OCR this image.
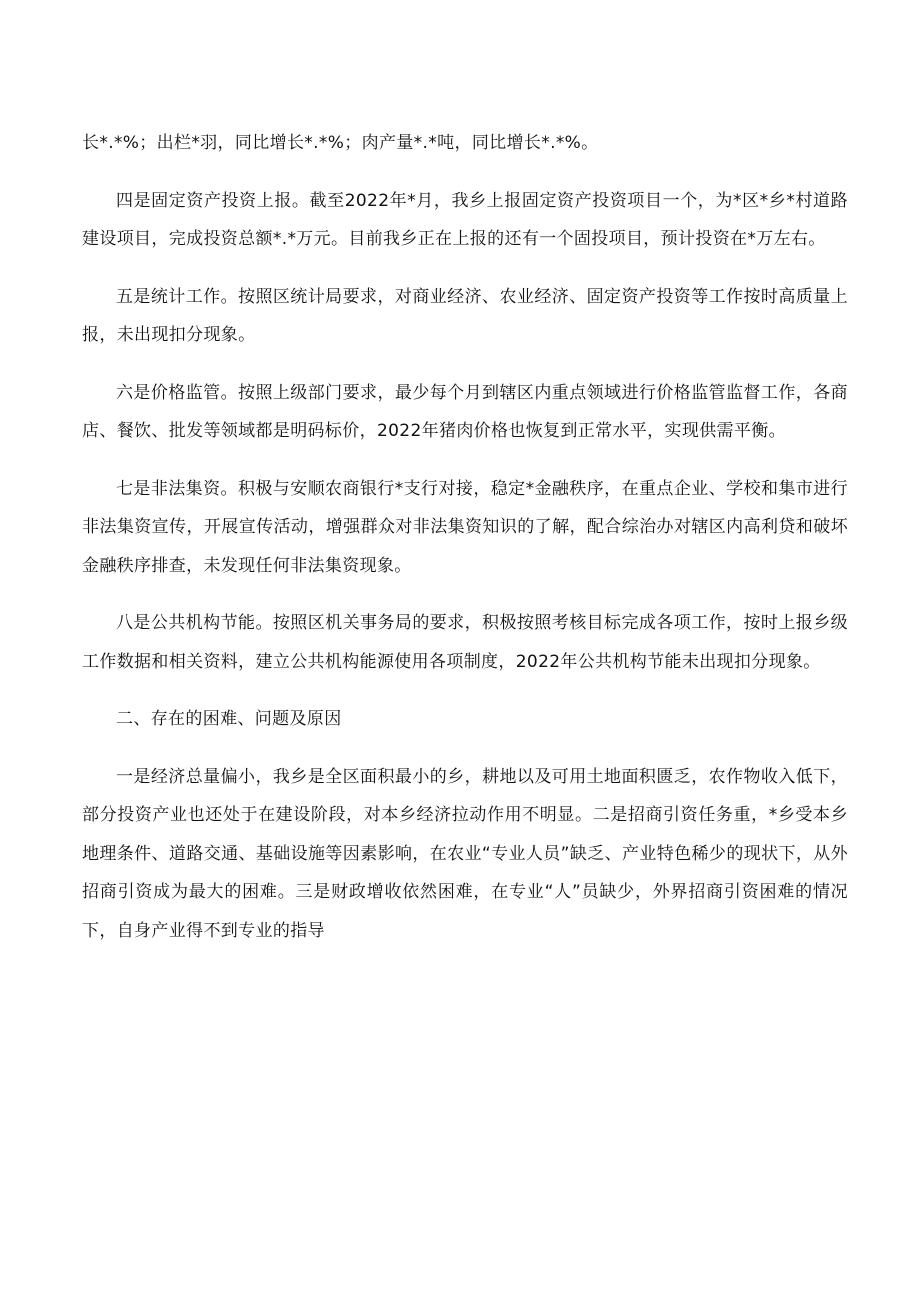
长*.*%；出栏*羽，同比增长*.*%；肉产量*.*吨，同比增长*.*%。

四是固定资产投资上报。截至2022年*月，我乡上报固定资产投资项目一个，为*区*乡*村道路建设项目，完成投资总额*.*万元。目前我乡正在上报的还有一个固投项目，预计投资在*万左右。

五是统计工作。按照区统计局要求，对商业经济、农业经济、固定资产投资等工作按时高质量上报，未出现扣分现象。

六是价格监管。按照上级部门要求，最少每个月到辖区内重点领域进行价格监管监督工作，各商店、餐饮、批发等领域都是明码标价，2022年猪肉价格也恢复到正常水平，实现供需平衡。

七是非法集资。积极与安顺农商银行*支行对接，稳定*金融秩序，在重点企业、学校和集市进行非法集资宣传，开展宣传活动，增强群众对非法集资知识的了解，配合综治办对辖区内高利贷和破坏金融秩序排查，未发现任何非法集资现象。

八是公共机构节能。按照区机关事务局的要求，积极按照考核目标完成各项工作，按时上报乡级工作数据和相关资料，建立公共机构能源使用各项制度，2022年公共机构节能未出现扣分现象。

二、存在的困难、问题及原因

一是经济总量偏小，我乡是全区面积最小的乡，耕地以及可用土地面积匮乏，农作物收入低下，部分投资产业也还处于在建设阶段，对本乡经济拉动作用不明显。二是招商引资任务重，*乡受本乡地理条件、道路交通、基础设施等因素影响，在农业“专业人员”缺乏、产业特色稀少的现状下，从外招商引资成为最大的困难。三是财政增收依然困难，在专业“人”员缺少，外界招商引资困难的情况下，自身产业得不到专业的指导
